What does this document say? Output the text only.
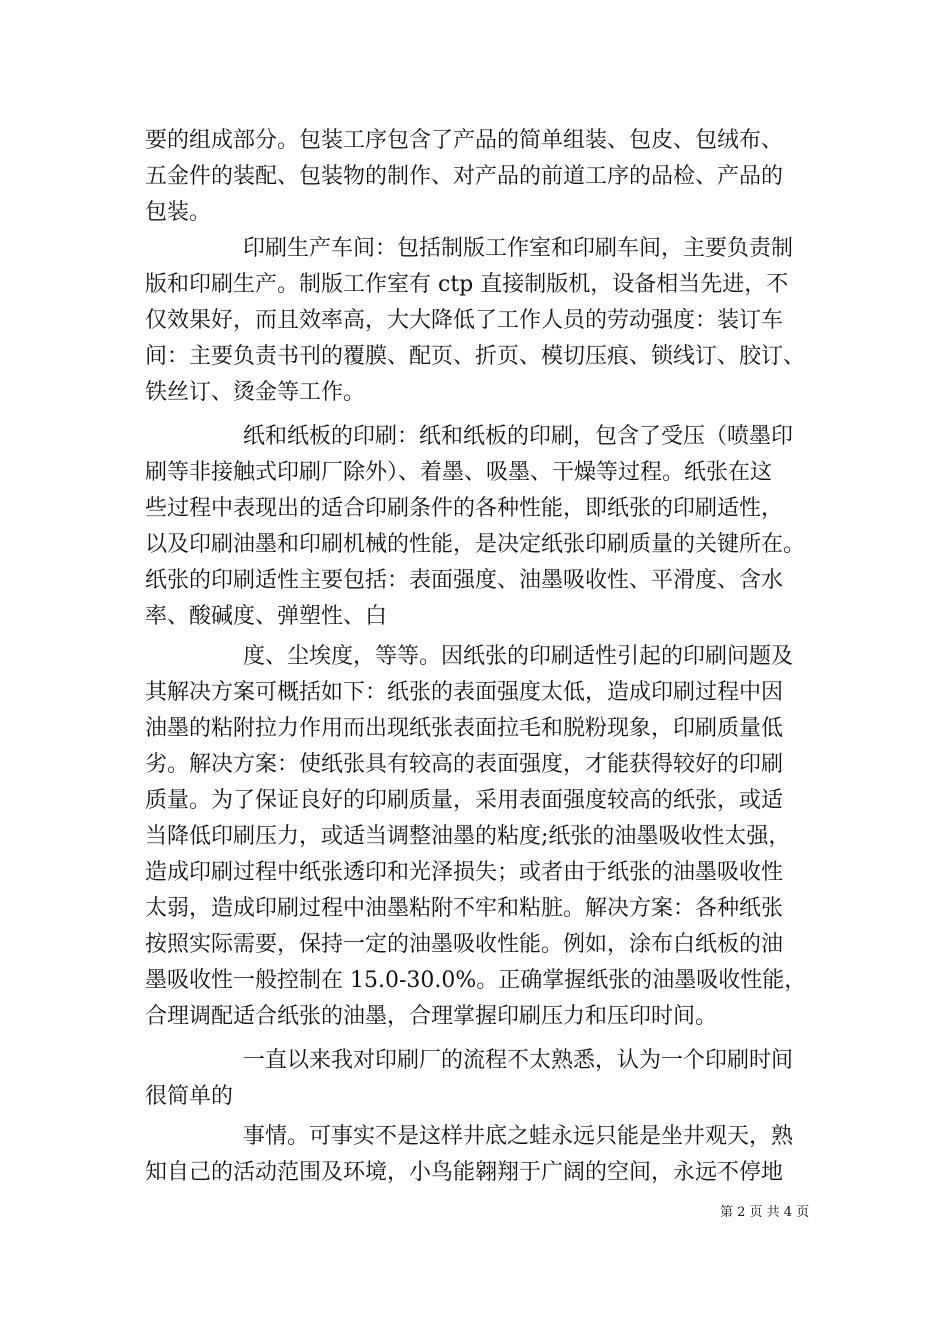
要的组成部分。包装工序包含了产品的简单组装、包皮、包绒布、
五金件的装配、包装物的制作、对产品的前道工序的品检、产品的
包装。
印刷生产车间：包括制版工作室和印刷车间，主要负责制
版和印刷生产。制版工作室有 ctp 直接制版机，设备相当先进，不
仅效果好，而且效率高，大大降低了工作人员的劳动强度：装订车
间：主要负责书刊的覆膜、配页、折页、模切压痕、锁线订、胶订、
铁丝订、烫金等工作。
纸和纸板的印刷：纸和纸板的印刷，包含了受压（喷墨印
刷等非接触式印刷厂除外）、着墨、吸墨、干燥等过程。纸张在这
些过程中表现出的适合印刷条件的各种性能，即纸张的印刷适性，
以及印刷油墨和印刷机械的性能，是决定纸张印刷质量的关键所在。
纸张的印刷适性主要包括：表面强度、油墨吸收性、平滑度、含水
率、酸碱度、弹塑性、白
度、尘埃度，等等。因纸张的印刷适性引起的印刷问题及
其解决方案可概括如下：纸张的表面强度太低，造成印刷过程中因
油墨的粘附拉力作用而出现纸张表面拉毛和脱粉现象，印刷质量低
劣。解决方案：使纸张具有较高的表面强度，才能获得较好的印刷
质量。为了保证良好的印刷质量，采用表面强度较高的纸张，或适
当降低印刷压力，或适当调整油墨的粘度;纸张的油墨吸收性太强，
造成印刷过程中纸张透印和光泽损失；或者由于纸张的油墨吸收性
太弱，造成印刷过程中油墨粘附不牢和粘脏。解决方案：各种纸张
按照实际需要，保持一定的油墨吸收性能。例如，涂布白纸板的油
墨吸收性一般控制在 15.0-30.0%。正确掌握纸张的油墨吸收性能，
合理调配适合纸张的油墨，合理掌握印刷压力和压印时间。
一直以来我对印刷厂的流程不太熟悉，认为一个印刷时间
很简单的
事情。可事实不是这样井底之蛙永远只能是坐井观天，熟
知自己的活动范围及环境，小鸟能翱翔于广阔的空间，永远不停地
第 2 页 共 4 页
